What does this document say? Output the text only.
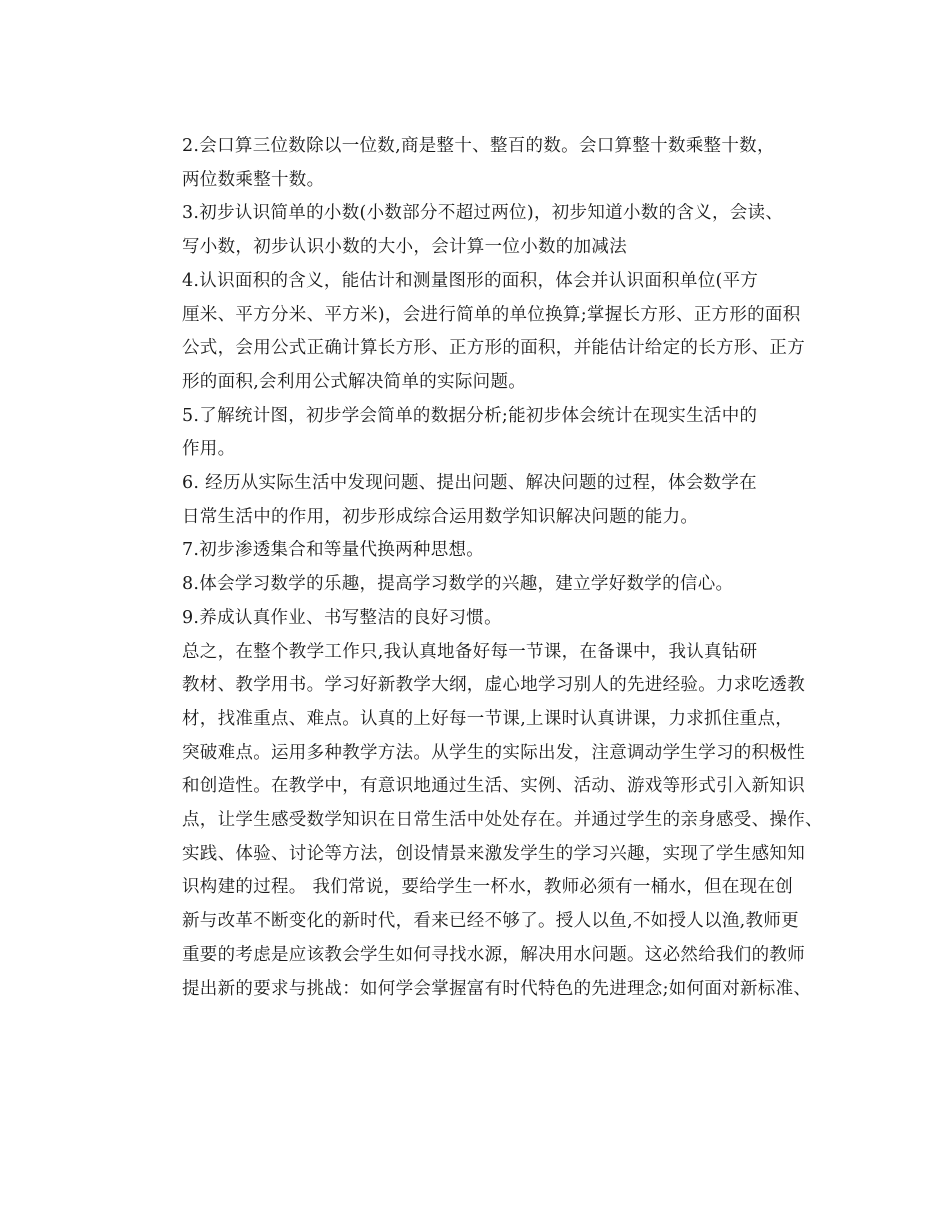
2.会口算三位数除以一位数,商是整十、整百的数。会口算整十数乘整十数，
两位数乘整十数。

3.初步认识简单的小数(小数部分不超过两位)，初步知道小数的含义，会读、
写小数，初步认识小数的大小，会计算一位小数的加减法

4.认识面积的含义，能估计和测量图形的面积，体会并认识面积单位(平方
厘米、平方分米、平方米)，会进行简单的单位换算;掌握长方形、正方形的面积
公式，会用公式正确计算长方形、正方形的面积，并能估计给定的长方形、正方
形的面积,会利用公式解决简单的实际问题。

5.了解统计图，初步学会简单的数据分析;能初步体会统计在现实生活中的
作用。

6. 经历从实际生活中发现问题、提出问题、解决问题的过程，体会数学在
日常生活中的作用，初步形成综合运用数学知识解决问题的能力。

7.初步渗透集合和等量代换两种思想。

8.体会学习数学的乐趣，提高学习数学的兴趣，建立学好数学的信心。

9.养成认真作业、书写整洁的良好习惯。

总之，在整个教学工作只,我认真地备好每一节课，在备课中，我认真钻研
教材、教学用书。学习好新教学大纲，虚心地学习别人的先进经验。力求吃透教
材，找准重点、难点。认真的上好每一节课,上课时认真讲课，力求抓住重点，
突破难点。运用多种教学方法。从学生的实际出发，注意调动学生学习的积极性
和创造性。在教学中，有意识地通过生活、实例、活动、游戏等形式引入新知识
点，让学生感受数学知识在日常生活中处处存在。并通过学生的亲身感受、操作、
实践、体验、讨论等方法，创设情景来激发学生的学习兴趣，实现了学生感知知
识构建的过程。 我们常说，要给学生一杯水，教师必须有一桶水，但在现在创
新与改革不断变化的新时代，看来已经不够了。授人以鱼,不如授人以渔,教师更
重要的考虑是应该教会学生如何寻找水源，解决用水问题。这必然给我们的教师
提出新的要求与挑战：如何学会掌握富有时代特色的先进理念;如何面对新标准、
